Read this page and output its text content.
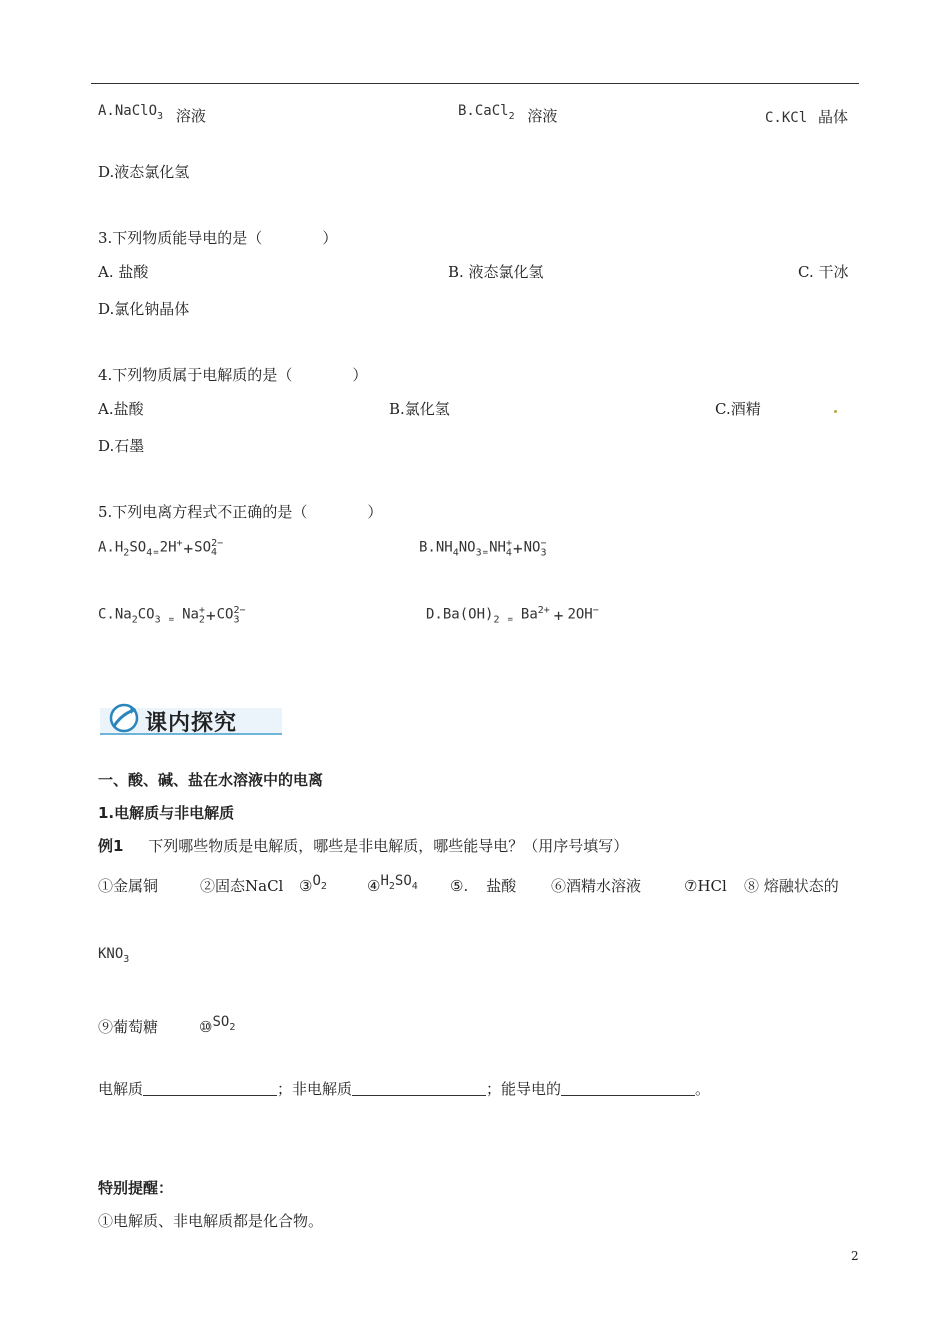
A.NaClO$_3$ 溶液	B.CaCl$_2$ 溶液	C.KCl 晶体
D.液态氯化氢
3.下列物质能导电的是（　　　　）
A. 盐酸	B. 液态氯化氢	C. 干冰
D.氯化钠晶体
4.下列物质属于电解质的是（　　　　）
A.盐酸	B.氯化氢	C.酒精
D.石墨
5.下列电离方程式不正确的是（　　　　）
$A.H_2SO_{4=}2H^++SO_4^{2-}$	$B.NH_4NO_{3=}NH_4^++NO_3^-$
$C.Na_2CO_3$ $_=$ $Na_2^++CO_3^{2-}$	$D.Ba(OH)_2$ $_=$ $Ba^{2+} + 2OH^-$
课内探究
一、酸、碱、盐在水溶液中的电离
1.电解质与非电解质
例1 下列哪些物质是电解质，哪些是非电解质，哪些能导电？（用序号填写）
①金属铜	②固态NaCl $③O_2$	$④H_2SO_4$ ⑤. 盐酸 ⑥酒精水溶液	⑦HCl ⑧ 熔融状态的
$KNO_3$
⑨葡萄糖	$⑩SO_2$
电解质	；非电解质	；能导电的	。
特别提醒：
①电解质、非电解质都是化合物。
2
